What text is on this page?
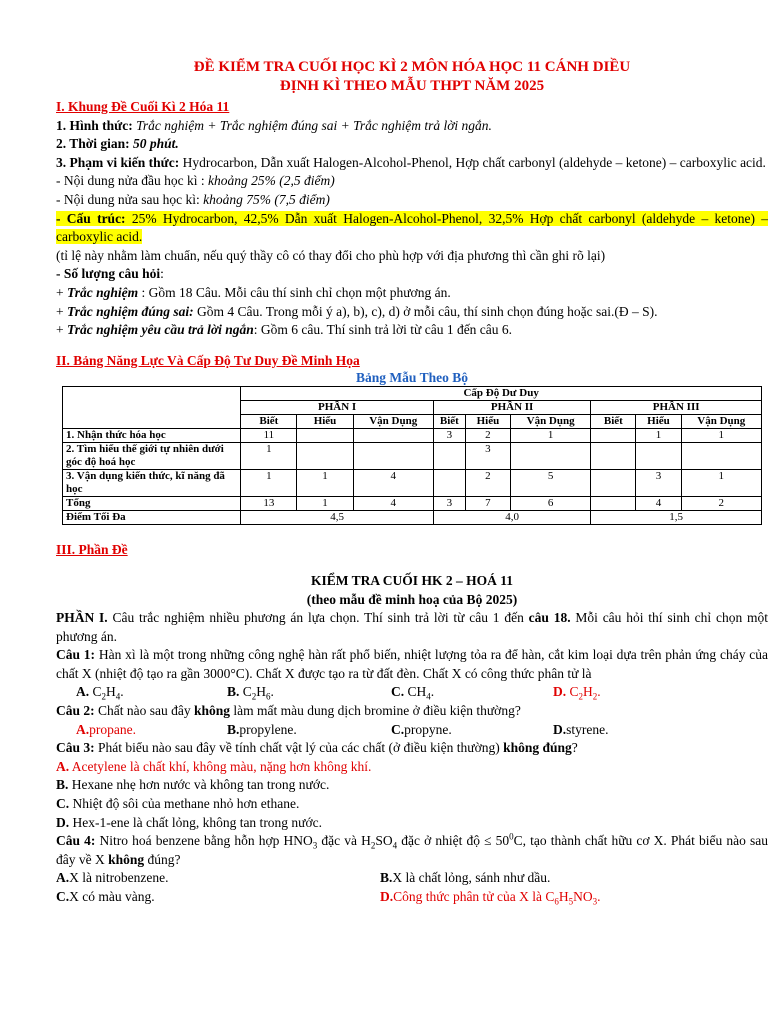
ĐỀ KIỂM TRA CUỐI HỌC KÌ 2 MÔN HÓA HỌC 11 CÁNH DIỀU
ĐỊNH KÌ THEO MẪU THPT NĂM 2025
I. Khung Đề Cuối Kì 2 Hóa 11

1. Hình thức: Trắc nghiệm + Trắc nghiệm đúng sai + Trắc nghiệm trả lời ngắn.

2. Thời gian: 50 phút.

3. Phạm vi kiến thức: Hydrocarbon, Dẫn xuất Halogen-Alcohol-Phenol, Hợp chất carbonyl (aldehyde – ketone) – carboxylic acid.

- Nội dung nửa đầu học kì : khoảng 25% (2,5 điểm)

- Nội dung nửa sau học kì: khoảng 75% (7,5 điểm)

- Cấu trúc: 25% Hydrocarbon, 42,5% Dẫn xuất Halogen-Alcohol-Phenol, 32,5% Hợp chất carbonyl (aldehyde – ketone) – carboxylic acid.

(tỉ lệ này nhằm làm chuẩn, nếu quý thầy cô có thay đổi cho phù hợp với địa phương thì cần ghi rõ lại)

- Số lượng câu hỏi:

+ Trắc nghiệm : Gồm 18 Câu. Mỗi câu thí sinh chỉ chọn một phương án.

+ Trắc nghiệm đúng sai: Gồm 4 Câu. Trong mỗi ý a), b), c), d) ở mỗi câu, thí sinh chọn đúng hoặc sai.(Đ – S).

+ Trắc nghiệm yêu cầu trả lời ngắn: Gồm 6 câu. Thí sinh trả lời từ câu 1 đến câu 6.

II. Bảng Năng Lực Và Cấp Độ Tư Duy Đề Minh Họa
Bảng Mẫu Theo Bộ
	Cấp Độ Dư Duy								
	PHẦN I			PHẦN II			PHẦN III		
	Biết	Hiểu	Vận Dụng	Biết	Hiểu	Vận Dụng	Biết	Hiểu	Vận Dụng
1. Nhận thức hóa học	11			3	2	1		1	1
2. Tìm hiểu thế giới tự nhiên dưới góc độ hoá học	1				3				
3. Vận dụng kiến thức, kĩ năng đã học	1	1	4		2	5		3	1
Tổng	13	1	4	3	7	6		4	2
Điểm Tối Đa	4,5			4,0			1,5		
III. Phần Đề
KIỂM TRA CUỐI HK 2 – HOÁ 11
(theo mẫu đề minh hoạ của Bộ 2025)

PHẦN I. Câu trắc nghiệm nhiều phương án lựa chọn. Thí sinh trả lời từ câu 1 đến câu 18. Mỗi câu hỏi thí sinh chỉ chọn một phương án.

Câu 1: Hàn xì là một trong những công nghệ hàn rất phổ biến, nhiệt lượng tỏa ra để hàn, cắt kim loại dựa trên phản ứng cháy của chất X (nhiệt độ tạo ra gần 3000°C). Chất X được tạo ra từ đất đèn. Chất X có công thức phân tử là

A. $C_2H_4$.	B. $C_2H_6$.	C. $CH_4$.	D. $C_2H_2$.

Câu 2: Chất nào sau đây không làm mất màu dung dịch bromine ở điều kiện thường?

A.propane.	B.propylene.	C.propyne.	D.styrene.

Câu 3: Phát biểu nào sau đây về tính chất vật lý của các chất (ở điều kiện thường) không đúng?

A. Acetylene là chất khí, không màu, nặng hơn không khí.

B. Hexane nhẹ hơn nước và không tan trong nước.

C. Nhiệt độ sôi của methane nhỏ hơn ethane.

D. Hex-1-ene là chất lỏng, không tan trong nước.

Câu 4: Nitro hoá benzene bằng hỗn hợp $HNO_3$ đặc và $H_2SO_4$ đặc ở nhiệt độ ≤ $50^0C$, tạo thành chất hữu cơ X. Phát biểu nào sau đây về X không đúng?

A.X là nitrobenzene.	B.X là chất lỏng, sánh như dầu.
C.X có màu vàng.	D.Công thức phân tử của X là $C_6H_5NO_3$.
